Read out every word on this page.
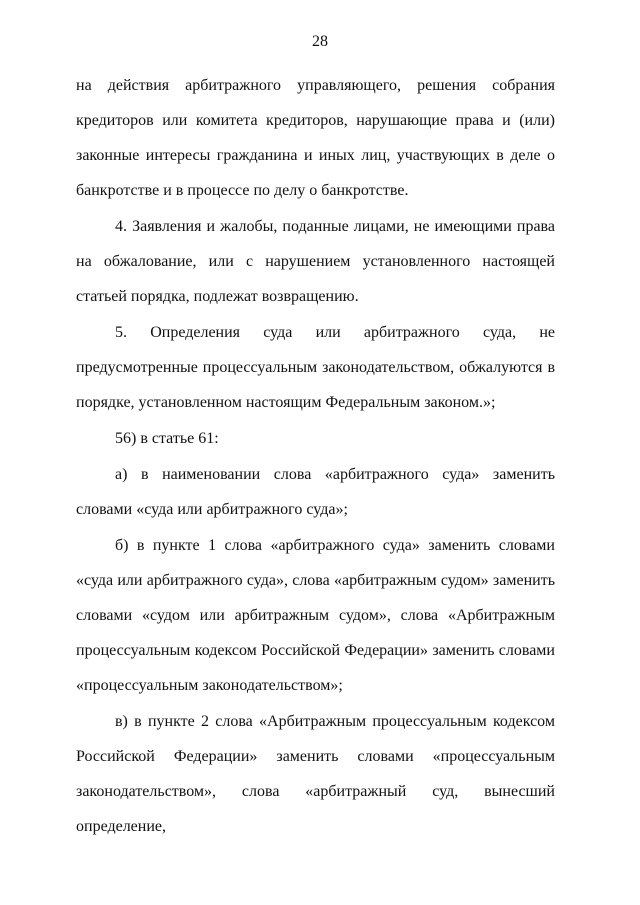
28

на действия арбитражного управляющего, решения собрания кредиторов или комитета кредиторов, нарушающие права и (или) законные интересы гражданина и иных лиц, участвующих в деле о банкротстве и в процессе по делу о банкротстве.

4. Заявления и жалобы, поданные лицами, не имеющими права на обжалование, или с нарушением установленного настоящей статьей порядка, подлежат возвращению.

5. Определения суда или арбитражного суда, не предусмотренные процессуальным законодательством, обжалуются в порядке, установленном настоящим Федеральным законом.»;

56) в статье 61:

а) в наименовании слова «арбитражного суда» заменить словами «суда или арбитражного суда»;

б) в пункте 1 слова «арбитражного суда» заменить словами «суда или арбитражного суда», слова «арбитражным судом» заменить словами «судом или арбитражным судом», слова «Арбитражным процессуальным кодексом Российской Федерации» заменить словами «процессуальным законодательством»;

в) в пункте 2 слова «Арбитражным процессуальным кодексом Российской Федерации» заменить словами «процессуальным законодательством», слова «арбитражный суд, вынесший определение,
